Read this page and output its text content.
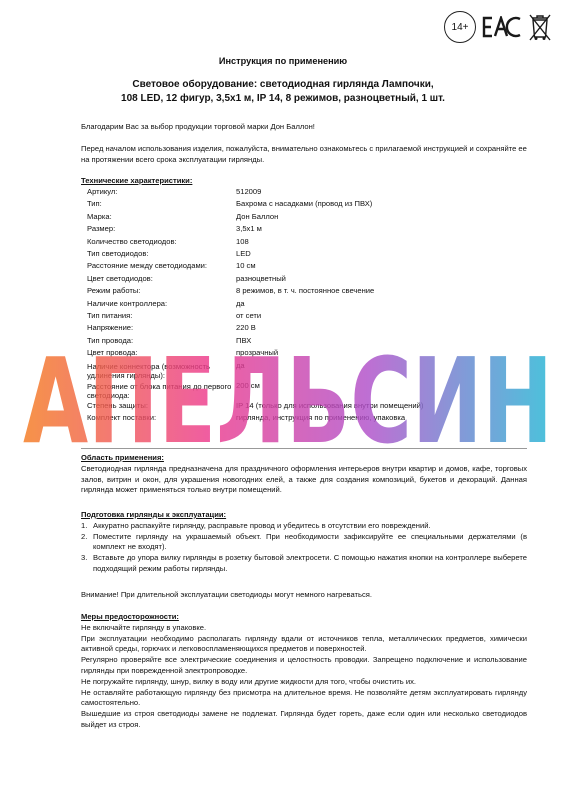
14+
Инструкция по применению
Световое оборудование: светодиодная гирлянда Лампочки,
108 LED, 12 фигур, 3,5х1 м, IP 14, 8 режимов, разноцветный, 1 шт.
Благодарим Вас за выбор продукции торговой марки Дон Баллон!
Перед началом использования изделия, пожалуйста, внимательно ознакомьтесь с прилагаемой инструкцией и сохраняйте ее на протяжении всего срока эксплуатации гирлянды.
Технические характеристики:
Артикул:	512009
Тип:	Бахрома с насадками (провод из ПВХ)
Марка:	Дон Баллон
Размер:	3,5х1 м
Количество светодиодов:	108
Тип светодиодов:	LED
Расстояние между светодиодами:	10 см
Цвет светодиодов:	разноцветный
Режим работы:	8 режимов, в т. ч. постоянное свечение
Наличие контроллера:	да
Тип питания:	от сети
Напряжение:	220 В
Тип провода:	ПВХ
Цвет провода:	прозрачный
Наличие коннектора (возможность удлинения гирлянды):
да
Расстояние от блока питания до первого светодиода:
200 см
Степень защиты:	IP 14 (только для использования внутри помещений)
Комплект поставки:	гирлянда, инструкция по применению, упаковка
Область применения:
Светодиодная гирлянда предназначена для праздничного оформления интерьеров внутри квартир и домов, кафе, торговых залов, витрин и окон, для украшения новогодних елей, а также для создания композиций, букетов и декораций. Данная гирлянда может применяться только внутри помещений.
Подготовка гирлянды к эксплуатации:
1. Аккуратно распакуйте гирлянду, расправьте провод и убедитесь в отсутствии его повреждений.
2. Поместите гирлянду на украшаемый объект. При необходимости зафиксируйте ее специальными держателями (в комплект не входят).
3. Вставьте до упора вилку гирлянды в розетку бытовой электросети. С помощью нажатия кнопки на контроллере выберете подходящий режим работы гирлянды.
Внимание! При длительной эксплуатации светодиоды могут немного нагреваться.
Меры предосторожности:
Не включайте гирлянду в упаковке.
При эксплуатации необходимо располагать гирлянду вдали от источников тепла, металлических предметов, химически активной среды, горючих и легковоспламеняющихся предметов и поверхностей.
Регулярно проверяйте все электрические соединения и целостность проводки. Запрещено подключение и использование гирлянды при поврежденной электропроводке.
Не погружайте гирлянду, шнур, вилку в воду или другие жидкости для того, чтобы очистить их.
Не оставляйте работающую гирлянду без присмотра на длительное время. Не позволяйте детям эксплуатировать гирлянду самостоятельно.
Вышедшие из строя светодиоды замене не подлежат. Гирлянда будет гореть, даже если один или несколько светодиодов выйдет из строя.
АПЕЛЬСИН
